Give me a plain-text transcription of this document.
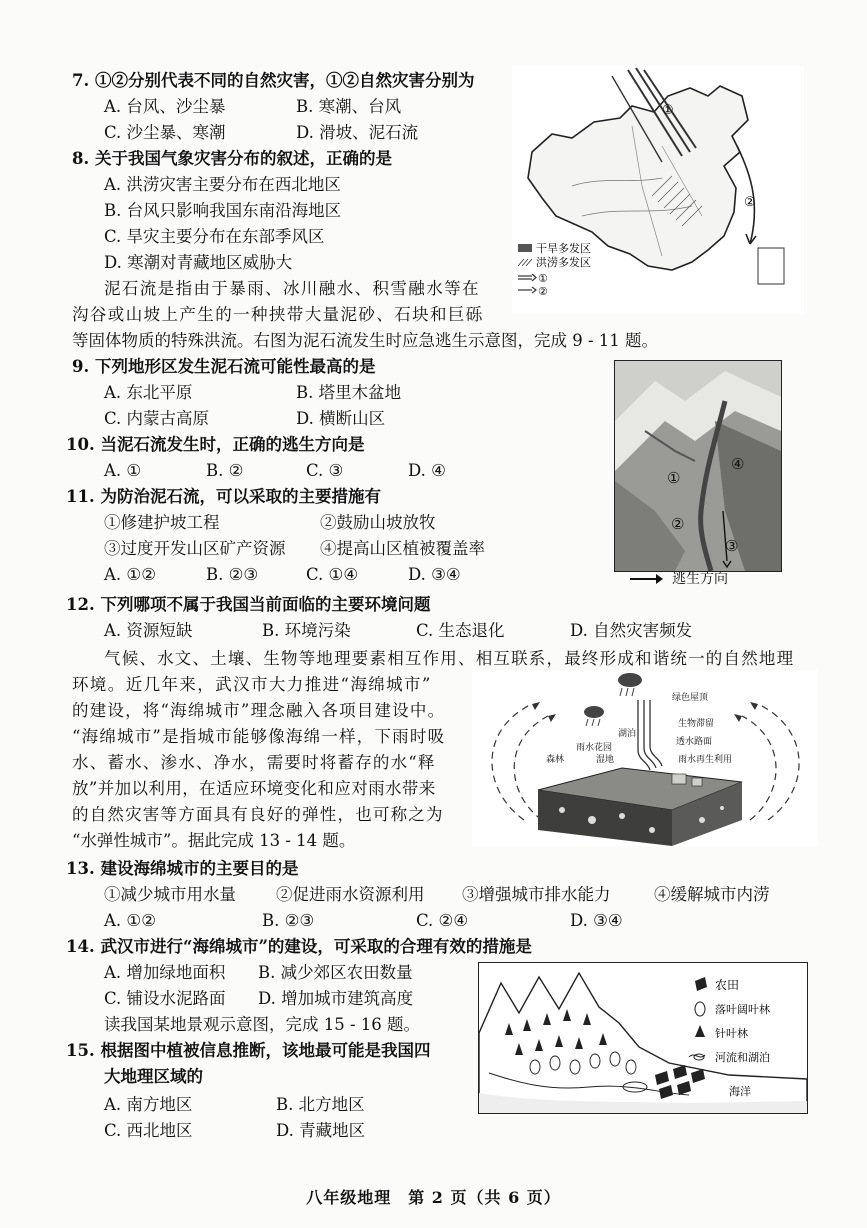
7. ①②分别代表不同的自然灾害，①②自然灾害分别为
A. 台风、沙尘暴	B. 寒潮、台风
C. 沙尘暴、寒潮	D. 滑坡、泥石流
8. 关于我国气象灾害分布的叙述，正确的是
A. 洪涝灾害主要分布在西北地区
B. 台风只影响我国东南沿海地区
C. 旱灾主要分布在东部季风区
D. 寒潮对青藏地区威胁大
①
②
干旱多发区
洪涝多发区
①
②
泥石流是指由于暴雨、冰川融水、积雪融水等在
沟谷或山坡上产生的一种挟带大量泥砂、石块和巨砾
等固体物质的特殊洪流。右图为泥石流发生时应急逃生示意图，完成 9 - 11 题。
9. 下列地形区发生泥石流可能性最高的是
A. 东北平原	B. 塔里木盆地
C. 内蒙古高原	D. 横断山区
10. 当泥石流发生时，正确的逃生方向是
A. ①	B. ②	C. ③	D. ④
11. 为防治泥石流，可以采取的主要措施有
①修建护坡工程	②鼓励山坡放牧
③过度开发山区矿产资源 ④提高山区植被覆盖率
A. ①②	B. ②③	C. ①④	D. ③④
①
②
③
④
逃生方向
12. 下列哪项不属于我国当前面临的主要环境问题
A. 资源短缺	B. 环境污染	C. 生态退化	D. 自然灾害频发
气候、水文、土壤、生物等地理要素相互作用、相互联系，最终形成和谐统一的自然地理
环境。近几年来，武汉市大力推进“海绵城市”
的建设，将“海绵城市”理念融入各项目建设中。
“海绵城市”是指城市能够像海绵一样，下雨时吸
水、蓄水、渗水、净水，需要时将蓄存的水“释
放”并加以利用，在适应环境变化和应对雨水带来
的自然灾害等方面具有良好的弹性，也可称之为
“水弹性城市”。据此完成 13 - 14 题。
绿色屋顶
湖泊
生物滞留
雨水花园
透水路面
森林	湿地	雨水再生利用
13. 建设海绵城市的主要目的是
①减少城市用水量 ②促进雨水资源利用 ③增强城市排水能力	④缓解城市内涝
A. ①②	B. ②③	C. ②④	D. ③④
14. 武汉市进行“海绵城市”的建设，可采取的合理有效的措施是
A. 增加绿地面积 B. 减少郊区农田数量
C. 铺设水泥路面 D. 增加城市建筑高度
读我国某地景观示意图，完成 15 - 16 题。
15. 根据图中植被信息推断，该地最可能是我国四
大地理区域的
A. 南方地区	B. 北方地区
C. 西北地区	D. 青藏地区
农田
落叶阔叶林
针叶林
河流和湖泊
海洋
八年级地理　第 2 页（共 6 页）
